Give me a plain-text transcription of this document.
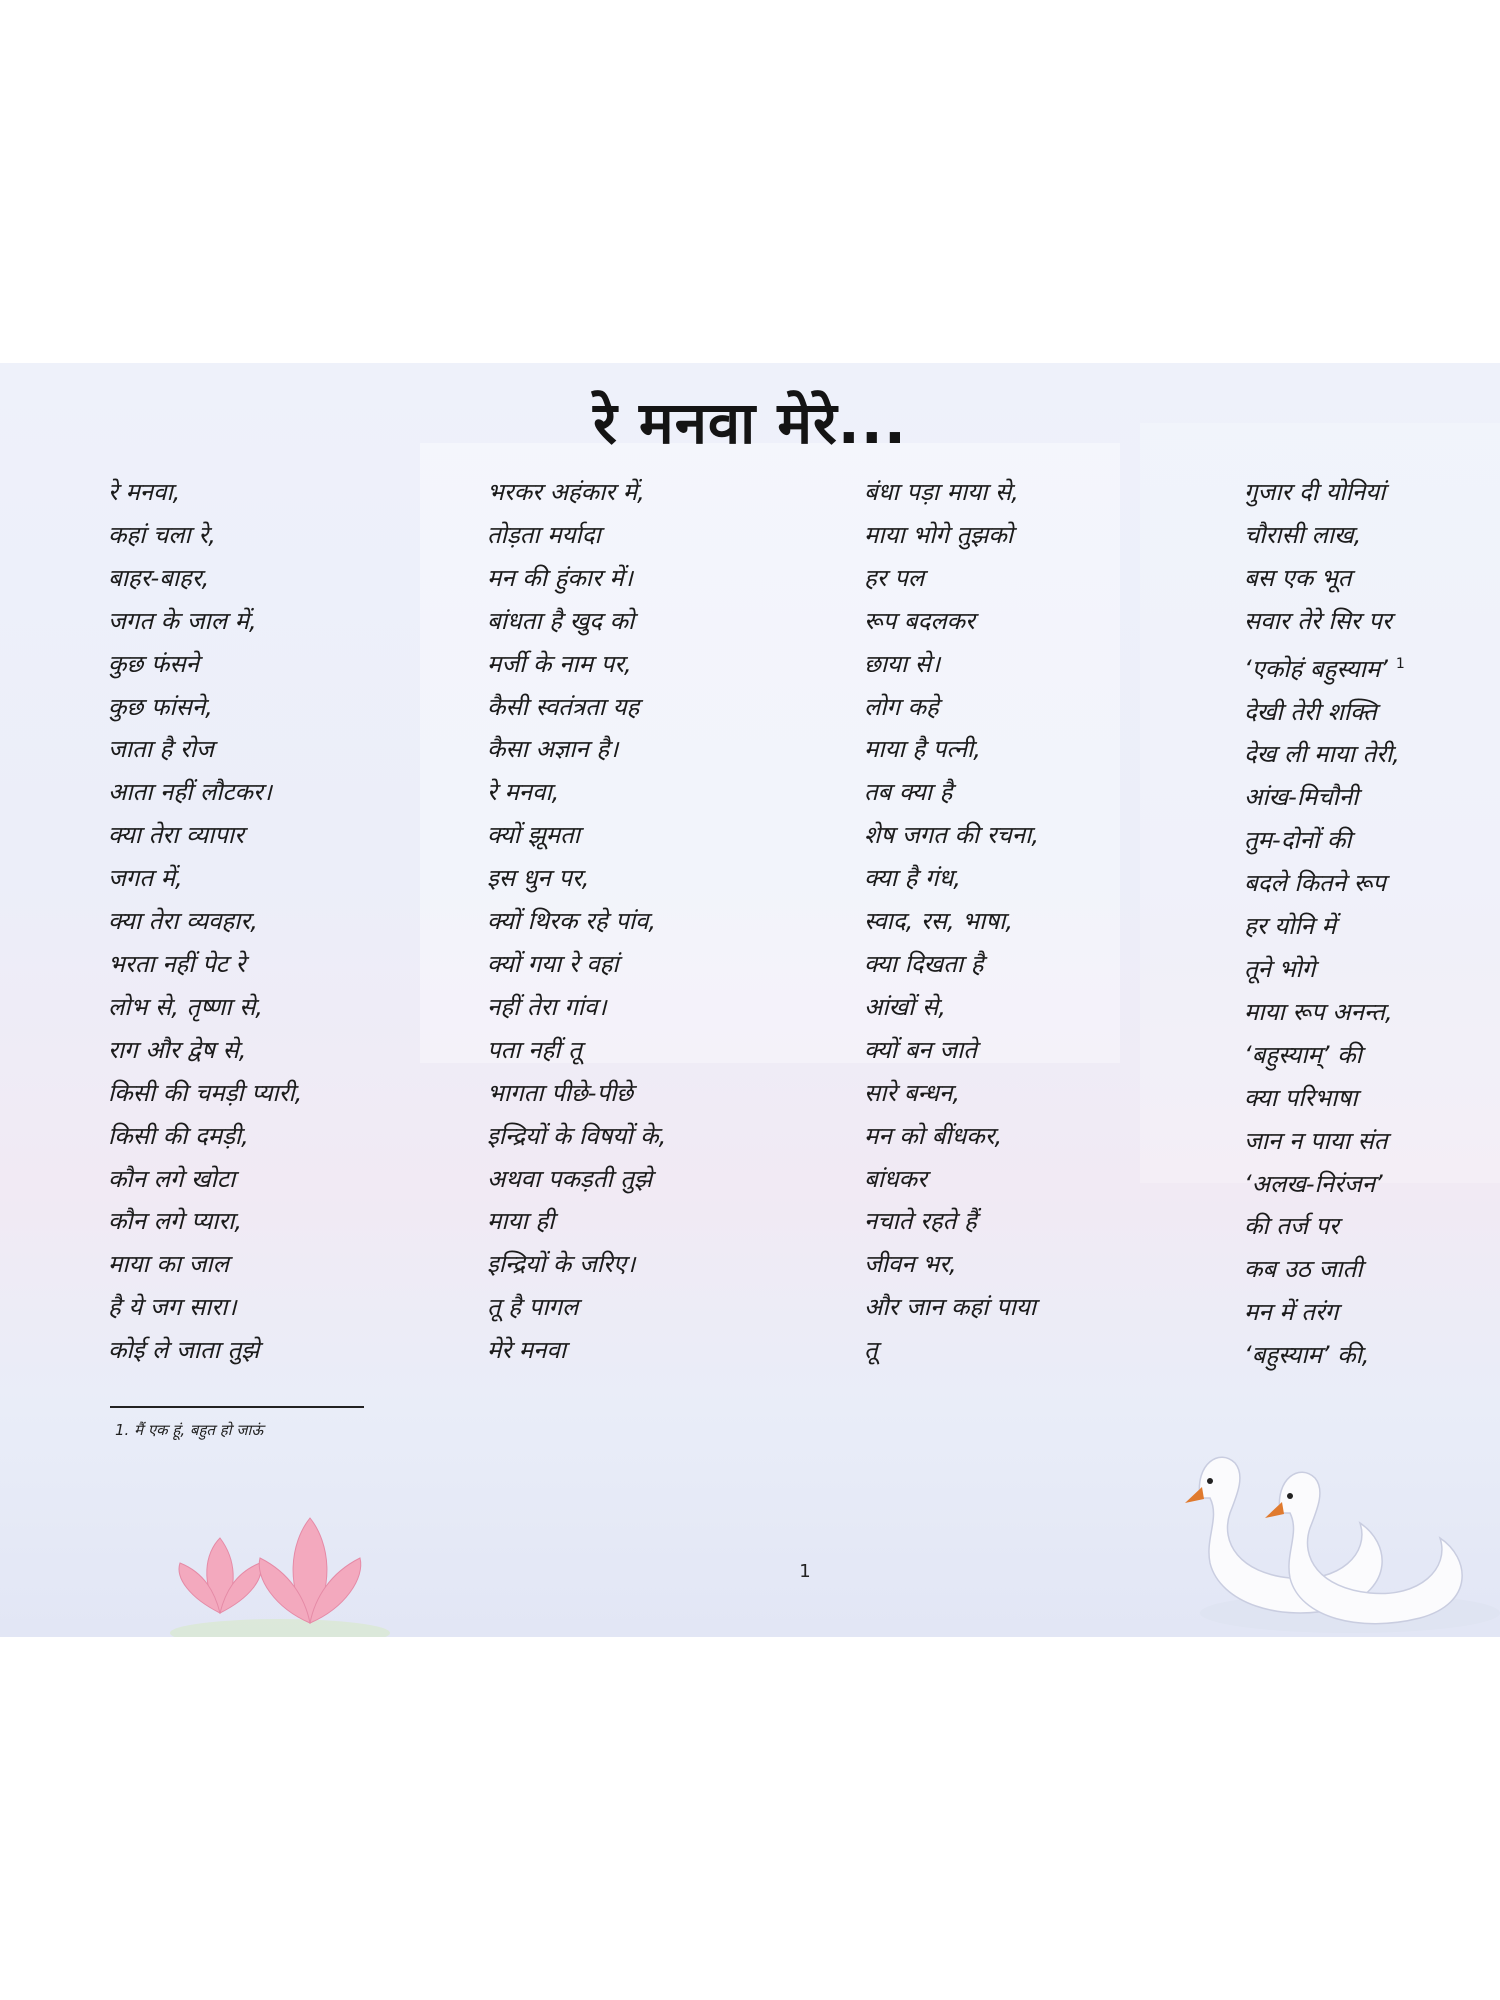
रे मनवा मेरे...
रे मनवा,
कहां चला रे,
बाहर-बाहर,
जगत के जाल में,
कुछ फंसने
कुछ फांसने,
जाता है रोज
आता नहीं लौटकर।
क्या तेरा व्यापार
जगत में,
क्या तेरा व्यवहार,
भरता नहीं पेट रे
लोभ से, तृष्णा से,
राग और द्वेष से,
किसी की चमड़ी प्यारी,
किसी की दमड़ी,
कौन लगे खोटा
कौन लगे प्यारा,
माया का जाल
है ये जग सारा।
कोई ले जाता तुझे
भरकर अहंकार में,
तोड़ता मर्यादा
मन की हुंकार में।
बांधता है खुद को
मर्जी के नाम पर,
कैसी स्वतंत्रता यह
कैसा अज्ञान है।
रे मनवा,
क्यों झूमता
इस धुन पर,
क्यों थिरक रहे पांव,
क्यों गया रे वहां
नहीं तेरा गांव।
पता नहीं तू
भागता पीछे-पीछे
इन्द्रियों के विषयों के,
अथवा पकड़ती तुझे
माया ही
इन्द्रियों के जरिए।
तू है पागल
मेरे मनवा
बंधा पड़ा माया से,
माया भोगे तुझको
हर पल
रूप बदलकर
छाया से।
लोग कहे
माया है पत्नी,
तब क्या है
शेष जगत की रचना,
क्या है गंध,
स्वाद, रस, भाषा,
क्या दिखता है
आंखों से,
क्यों बन जाते
सारे बन्धन,
मन को बींधकर,
बांधकर
नचाते रहते हैं
जीवन भर,
और जान कहां पाया
तू
गुजार दी योनियां
चौरासी लाख,
बस एक भूत
सवार तेरे सिर पर
‘एकोहं बहुस्याम’ $^1$
देखी तेरी शक्ति
देख ली माया तेरी,
आंख-मिचौनी
तुम-दोनों की
बदले कितने रूप
हर योनि में
तूने भोगे
माया रूप अनन्त,
‘बहुस्याम्’ की
क्या परिभाषा
जान न पाया संत
‘अलख-निरंजन’
की तर्ज पर
कब उठ जाती
मन में तरंग
‘बहुस्याम’ की,
1. मैं एक हूं, बहुत हो जाऊं
1
